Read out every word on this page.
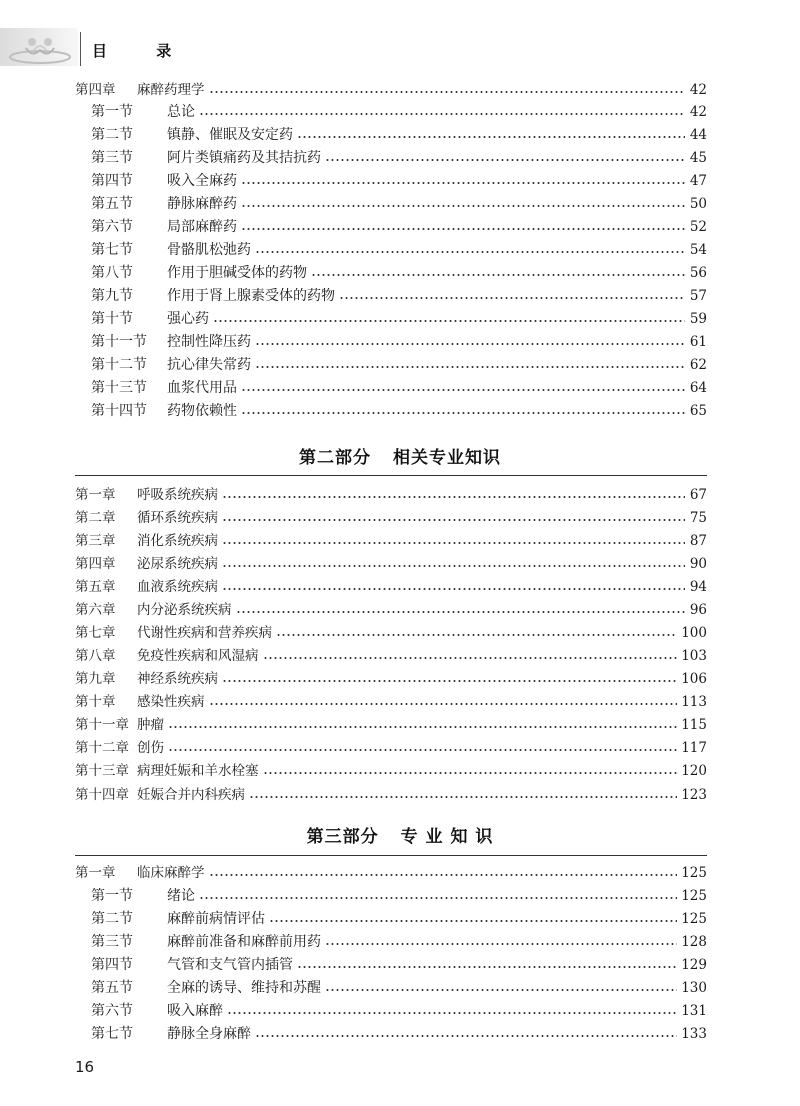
目 录
第四章	麻醉药理学	42
第一节	总论	42
第二节	镇静、催眠及安定药	44
第三节	阿片类镇痛药及其拮抗药	45
第四节	吸入全麻药	47
第五节	静脉麻醉药	50
第六节	局部麻醉药	52
第七节	骨骼肌松弛药	54
第八节	作用于胆碱受体的药物	56
第九节	作用于肾上腺素受体的药物	57
第十节	强心药	59
第十一节	控制性降压药	61
第十二节	抗心律失常药	62
第十三节	血浆代用品	64
第十四节	药物依赖性	65
第一章	呼吸系统疾病	67
第二章	循环系统疾病	75
第三章	消化系统疾病	87
第四章	泌尿系统疾病	90
第五章	血液系统疾病	94
第六章	内分泌系统疾病	96
第七章	代谢性疾病和营养疾病	100
第八章	免疫性疾病和风湿病	103
第九章	神经系统疾病	106
第十章	感染性疾病	113
第十一章 肿瘤	115
第十二章 创伤	117
第十三章 病理妊娠和羊水栓塞	120
第十四章 妊娠合并内科疾病	123
第一章	临床麻醉学	125
第一节	绪论	125
第二节	麻醉前病情评估	125
第三节	麻醉前准备和麻醉前用药	128
第四节	气管和支气管内插管	129
第五节	全麻的诱导、维持和苏醒	130
第六节	吸入麻醉	131
第七节	静脉全身麻醉	133
第二部分 相关专业知识
第三部分 专 业 知 识
16
